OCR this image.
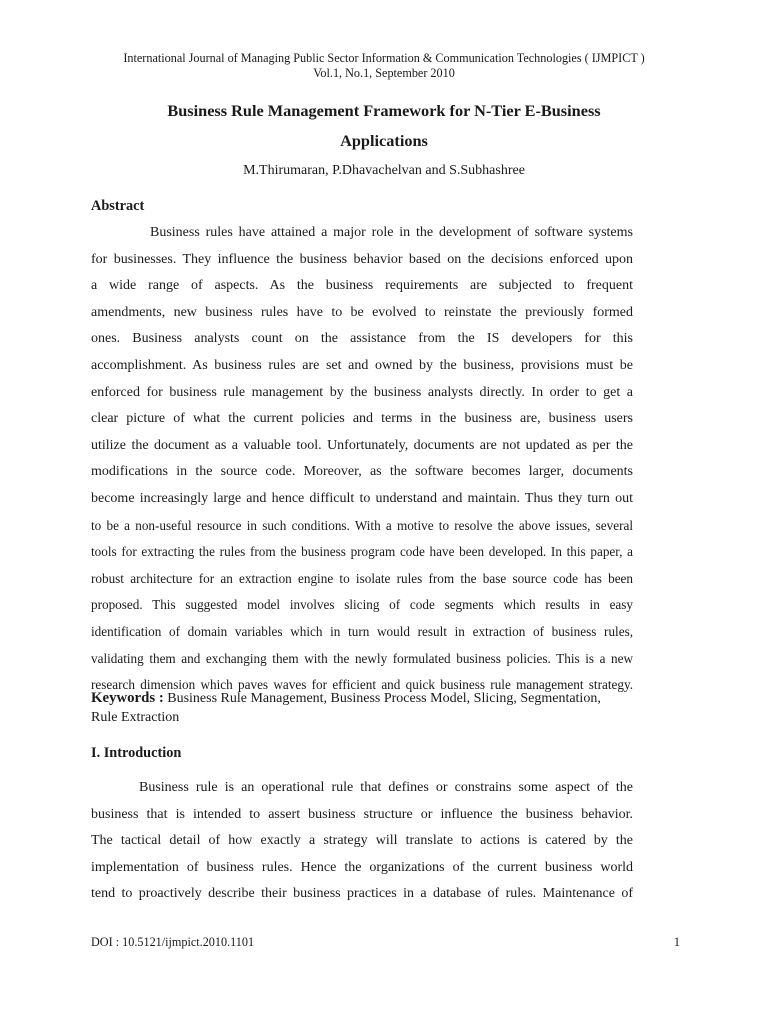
International Journal of Managing Public Sector Information & Communication Technologies ( IJMPICT )
Vol.1, No.1, September 2010
Business Rule Management Framework for N-Tier E-Business
Applications
M.Thirumaran, P.Dhavachelvan and S.Subhashree
Abstract
Business rules have attained a major role in the development of software systems
for businesses. They influence the business behavior based on the decisions enforced upon
a wide range of aspects. As the business requirements are subjected to frequent
amendments, new business rules have to be evolved to reinstate the previously formed
ones. Business analysts count on the assistance from the IS developers for this
accomplishment. As business rules are set and owned by the business, provisions must be
enforced for business rule management by the business analysts directly. In order to get a
clear picture of what the current policies and terms in the business are, business users
utilize the document as a valuable tool. Unfortunately, documents are not updated as per the
modifications in the source code. Moreover, as the software becomes larger, documents
become increasingly large and hence difficult to understand and maintain. Thus they turn out
to be a non-useful resource in such conditions. With a motive to resolve the above issues, several
tools for extracting the rules from the business program code have been developed. In this paper, a
robust architecture for an extraction engine to isolate rules from the base source code has been
proposed. This suggested model involves slicing of code segments which results in easy
identification of domain variables which in turn would result in extraction of business rules,
validating them and exchanging them with the newly formulated business policies. This is a new
research dimension which paves waves for efficient and quick business rule management strategy.
Keywords : Business Rule Management, Business Process Model, Slicing, Segmentation,
Rule Extraction
I. Introduction
Business rule is an operational rule that defines or constrains some aspect of the
business that is intended to assert business structure or influence the business behavior.
The tactical detail of how exactly a strategy will translate to actions is catered by the
implementation of business rules. Hence the organizations of the current business world
tend to proactively describe their business practices in a database of rules. Maintenance of
DOI : 10.5121/ijmpict.2010.1101	1
